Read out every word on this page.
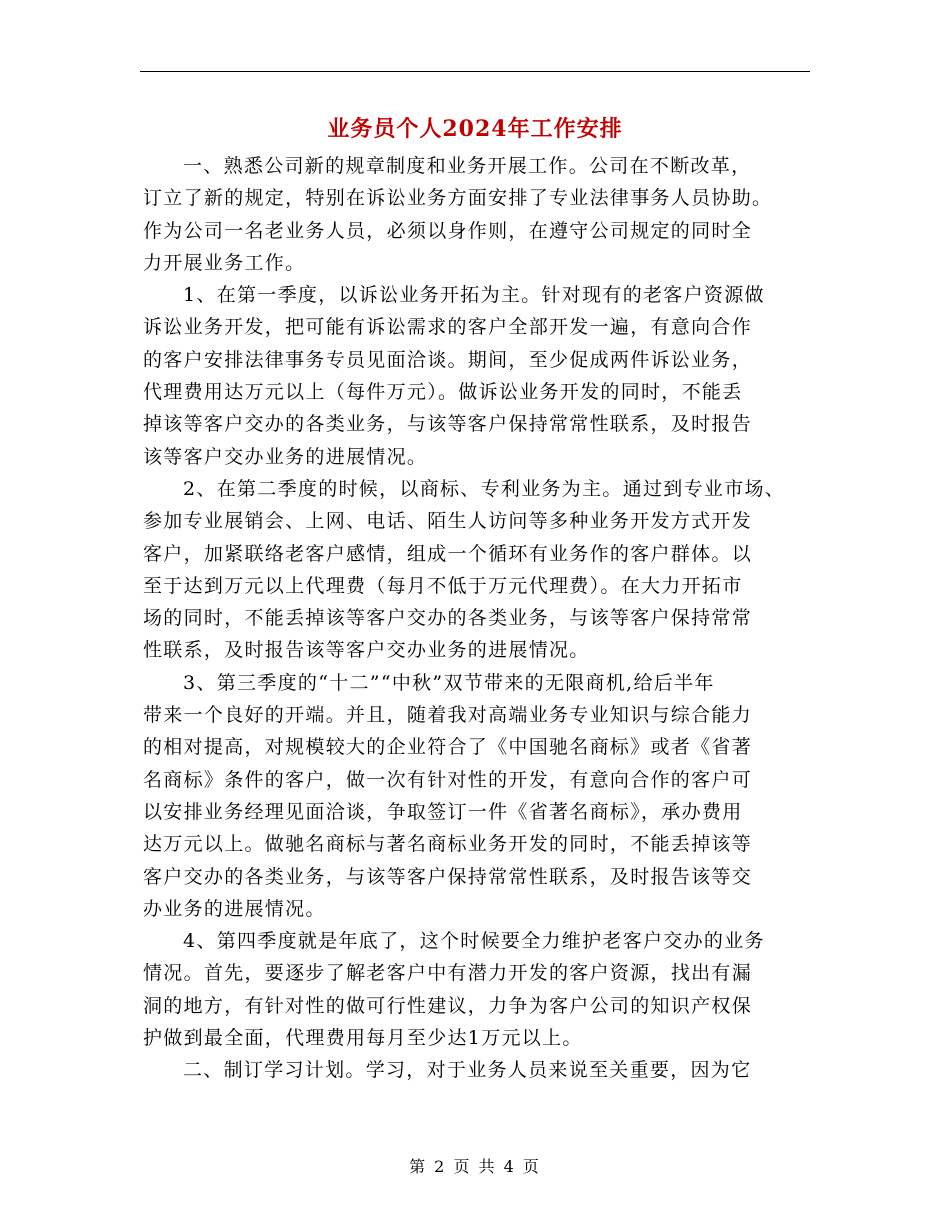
业务员个人2024年工作安排
一、熟悉公司新的规章制度和业务开展工作。公司在不断改革，
订立了新的规定，特别在诉讼业务方面安排了专业法律事务人员协助。
作为公司一名老业务人员，必须以身作则，在遵守公司规定的同时全
力开展业务工作。
1、在第一季度，以诉讼业务开拓为主。针对现有的老客户资源做
诉讼业务开发，把可能有诉讼需求的客户全部开发一遍，有意向合作
的客户安排法律事务专员见面洽谈。期间，至少促成两件诉讼业务，
代理费用达万元以上（每件万元）。做诉讼业务开发的同时，不能丢
掉该等客户交办的各类业务，与该等客户保持常常性联系，及时报告
该等客户交办业务的进展情况。
2、在第二季度的时候，以商标、专利业务为主。通过到专业市场、
参加专业展销会、上网、电话、陌生人访问等多种业务开发方式开发
客户，加紧联络老客户感情，组成一个循环有业务作的客户群体。以
至于达到万元以上代理费（每月不低于万元代理费）。在大力开拓市
场的同时，不能丢掉该等客户交办的各类业务，与该等客户保持常常
性联系，及时报告该等客户交办业务的进展情况。
3、第三季度的“十二”“中秋”双节带来的无限商机,给后半年
带来一个良好的开端。并且，随着我对高端业务专业知识与综合能力
的相对提高，对规模较大的企业符合了《中国驰名商标》或者《省著
名商标》条件的客户，做一次有针对性的开发，有意向合作的客户可
以安排业务经理见面洽谈，争取签订一件《省著名商标》，承办费用
达万元以上。做驰名商标与著名商标业务开发的同时，不能丢掉该等
客户交办的各类业务，与该等客户保持常常性联系，及时报告该等交
办业务的进展情况。
4、第四季度就是年底了，这个时候要全力维护老客户交办的业务
情况。首先，要逐步了解老客户中有潜力开发的客户资源，找出有漏
洞的地方，有针对性的做可行性建议，力争为客户公司的知识产权保
护做到最全面，代理费用每月至少达1万元以上。
二、制订学习计划。学习，对于业务人员来说至关重要，因为它
第 2 页 共 4 页
